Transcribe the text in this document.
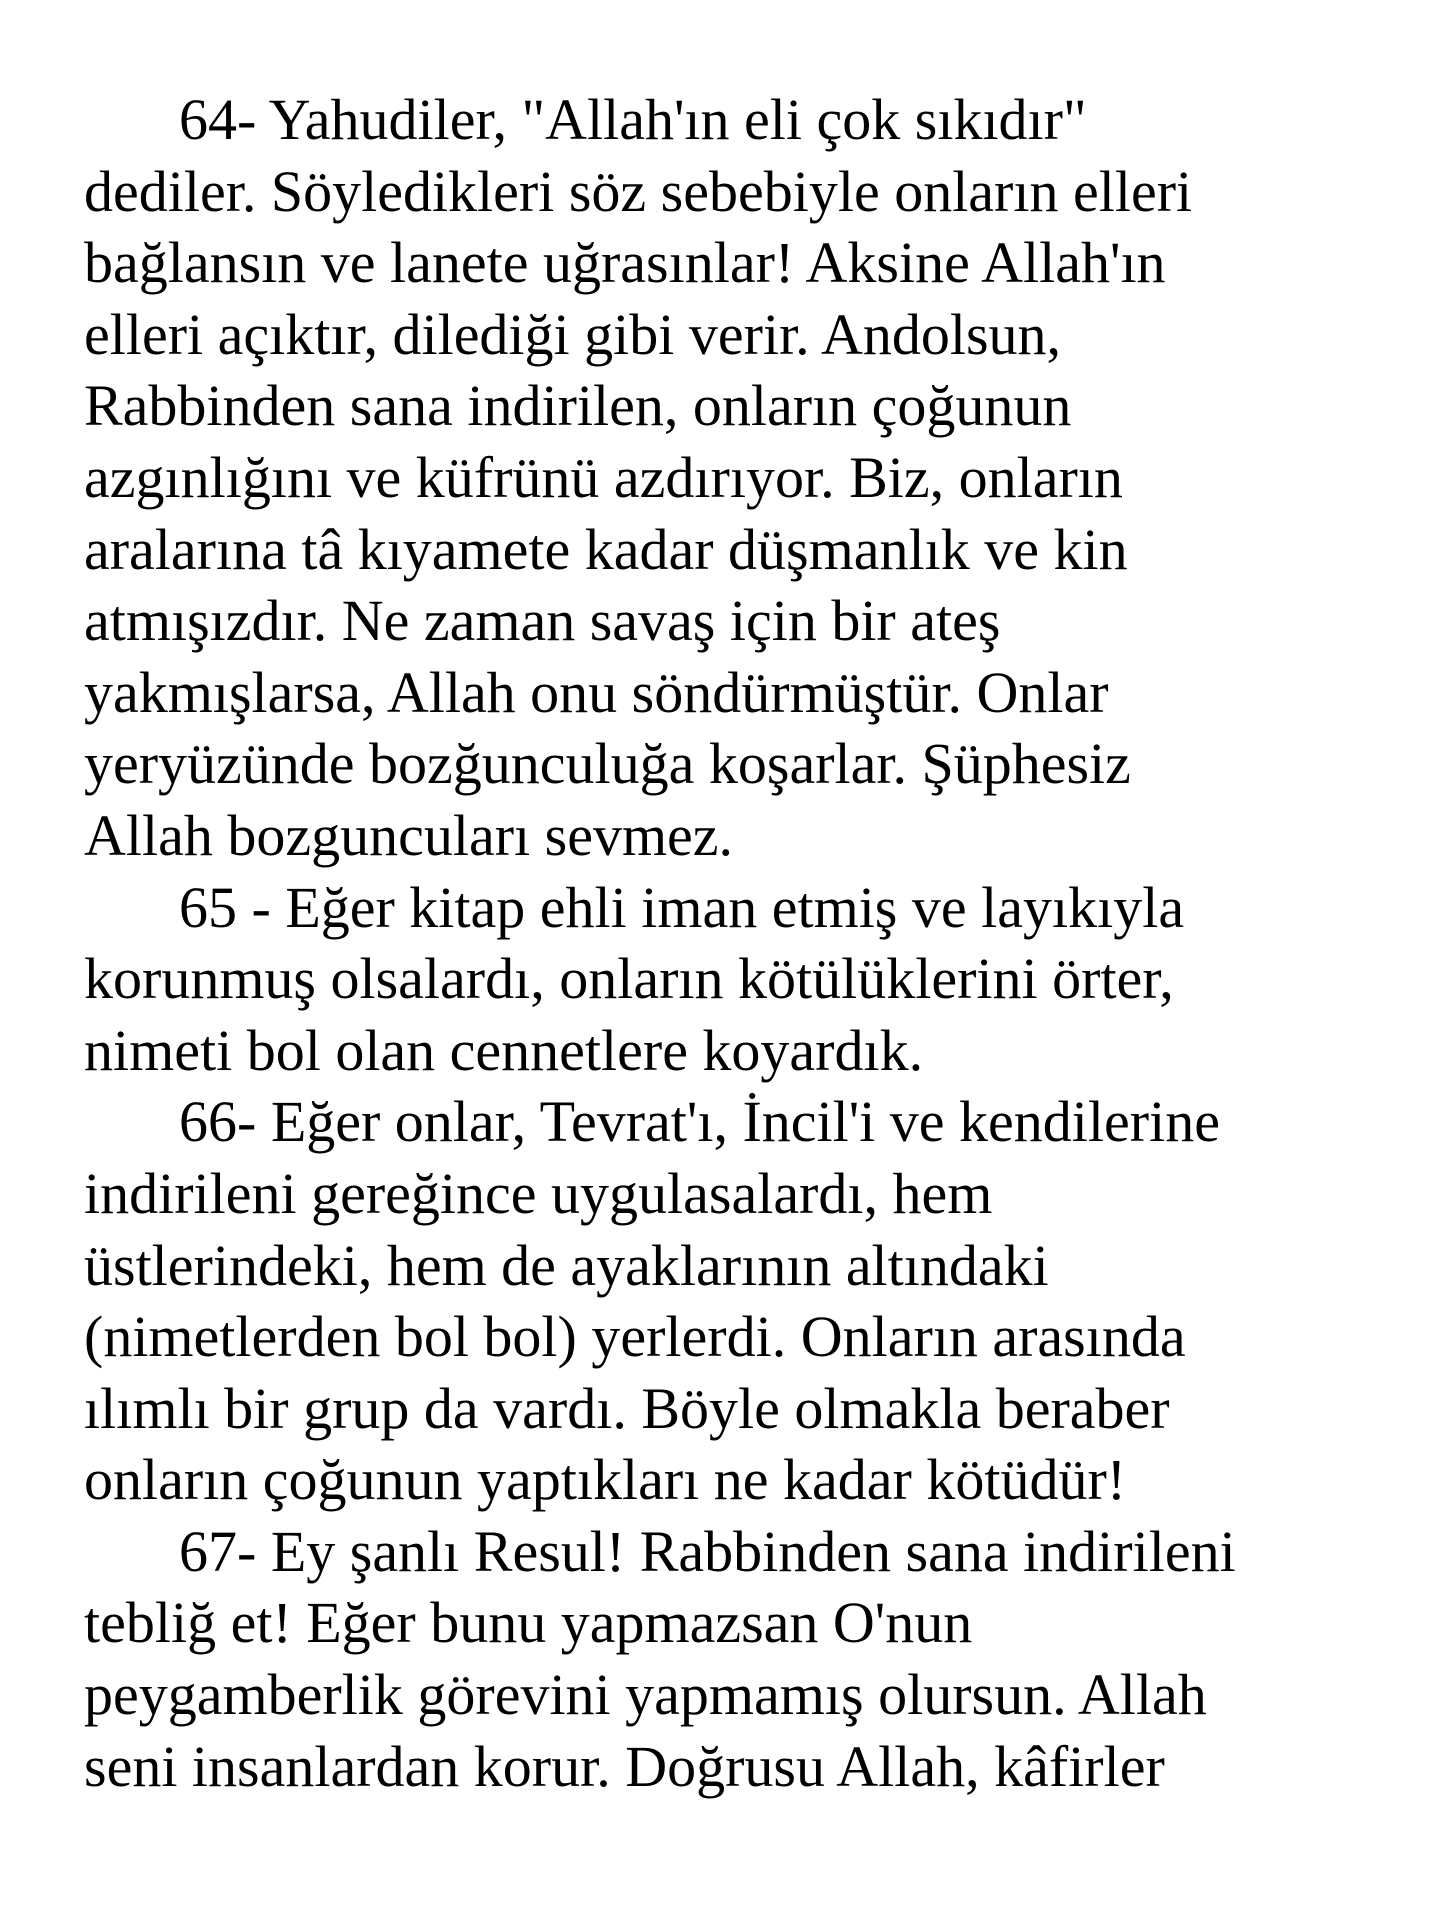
64- Yahudiler, "Allah'ın eli çok sıkıdır"
dediler. Söyledikleri söz sebebiyle onların elleri
bağlansın ve lanete uğrasınlar! Aksine Allah'ın
elleri açıktır, dilediği gibi verir. Andolsun,
Rabbinden sana indirilen, onların çoğunun
azgınlığını ve küfrünü azdırıyor. Biz, onların
aralarına tâ kıyamete kadar düşmanlık ve kin
atmışızdır. Ne zaman savaş için bir ateş
yakmışlarsa, Allah onu söndürmüştür. Onlar
yeryüzünde bozğunculuğa koşarlar. Şüphesiz
Allah bozguncuları sevmez.
65 - Eğer kitap ehli iman etmiş ve layıkıyla
korunmuş olsalardı, onların kötülüklerini örter,
nimeti bol olan cennetlere koyardık.
66- Eğer onlar, Tevrat'ı, İncil'i ve kendilerine
indirileni gereğince uygulasalardı, hem
üstlerindeki, hem de ayaklarının altındaki
(nimetlerden bol bol) yerlerdi. Onların arasında
ılımlı bir grup da vardı. Böyle olmakla beraber
onların çoğunun yaptıkları ne kadar kötüdür!
67- Ey şanlı Resul! Rabbinden sana indirileni
tebliğ et! Eğer bunu yapmazsan O'nun
peygamberlik görevini yapmamış olursun. Allah
seni insanlardan korur. Doğrusu Allah, kâfirler
